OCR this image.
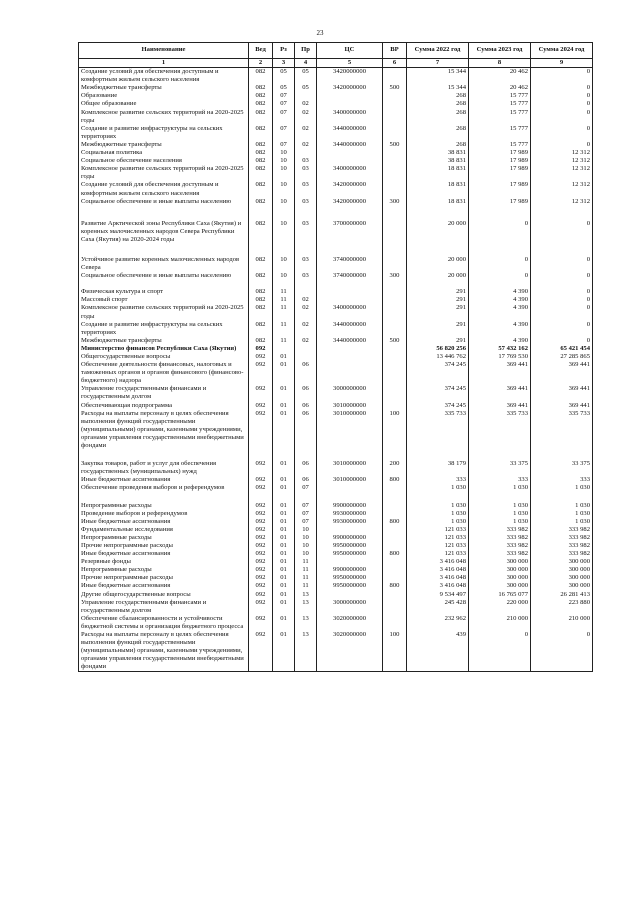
23
Наименование	Вед	Рз	Пр	ЦС	ВР	Сумма 2022 год	Сумма 2023 год	Сумма 2024 год
1	2	3	4	5	6	7	8	9
Создание условий для обеспечения доступным и комфортным жильем сельского населения	082	05	05	3420000000		15 344	20 462	0
Межбюджетные трансферты	082	05	05	3420000000	500	15 344	20 462	0
Образование	082	07				268	15 777	0
Общее образование	082	07	02			268	15 777	0
Комплексное развитие сельских территорий на 2020-2025 годы	082	07	02	3400000000		268	15 777	0
Создание и развитие инфраструктуры на сельских территориях	082	07	02	3440000000		268	15 777	0
Межбюджетные трансферты	082	07	02	3440000000	500	268	15 777	0
Социальная политика	082	10				38 831	17 989	12 312
Социальное обеспечение населения	082	10	03			38 831	17 989	12 312
Комплексное развитие сельских территорий на 2020-2025 годы	082	10	03	3400000000		18 831	17 989	12 312
Создание условий для обеспечения доступным и комфортным жильем сельского населения	082	10	03	3420000000		18 831	17 989	12 312
Социальное обеспечение и иные выплаты населению	082	10	03	3420000000	300	18 831	17 989	12 312
Развитие Арктической зоны Республики Саха (Якутия) и коренных малочисленных народов Севера Республики Саха (Якутия) на 2020-2024 годы	082	10	03	3700000000		20 000	0	0
Устойчивое развитие коренных малочисленных народов Севера	082	10	03	3740000000		20 000	0	0
Социальное обеспечение и иные выплаты населению	082	10	03	3740000000	300	20 000	0	0
Физическая культура и спорт	082	11				291	4 390	0
Массовый спорт	082	11	02			291	4 390	0
Комплексное развитие сельских территорий на 2020-2025 годы	082	11	02	3400000000		291	4 390	0
Создание и развитие инфраструктуры на сельских территориях	082	11	02	3440000000		291	4 390	0
Межбюджетные трансферты	082	11	02	3440000000	500	291	4 390	0
Министерство финансов Республики Саха (Якутия)	092					56 820 256	57 432 162	65 421 454
Общегосударственные вопросы	092	01				13 446 762	17 769 530	27 285 865
Обеспечение деятельности финансовых, налоговых и таможенных органов и органов финансового (финансово-бюджетного) надзора	092	01	06			374 245	369 441	369 441
Управление государственными финансами и государственным долгом	092	01	06	3000000000		374 245	369 441	369 441
Обеспечивающая подпрограмма	092	01	06	3010000000		374 245	369 441	369 441
Расходы на выплаты персоналу в целях обеспечения выполнения функций государственными (муниципальными) органами, казенными учреждениями, органами управления государственными внебюджетными фондами	092	01	06	3010000000	100	335 733	335 733	335 733
Закупка товаров, работ и услуг для обеспечения государственных (муниципальных) нужд	092	01	06	3010000000	200	38 179	33 375	33 375
Иные бюджетные ассигнования	092	01	06	3010000000	800	333	333	333
Обеспечение проведения выборов и референдумов	092	01	07			1 030	1 030	1 030
Непрограммные расходы	092	01	07	9900000000		1 030	1 030	1 030
Проведение выборов и референдумов	092	01	07	9930000000		1 030	1 030	1 030
Иные бюджетные ассигнования	092	01	07	9930000000	800	1 030	1 030	1 030
Фундаментальные исследования	092	01	10			121 033	333 982	333 982
Непрограммные расходы	092	01	10	9900000000		121 033	333 982	333 982
Прочие непрограммные расходы	092	01	10	9950000000		121 033	333 982	333 982
Иные бюджетные ассигнования	092	01	10	9950000000	800	121 033	333 982	333 982
Резервные фонды	092	01	11			3 416 048	300 000	300 000
Непрограммные расходы	092	01	11	9900000000		3 416 048	300 000	300 000
Прочие непрограммные расходы	092	01	11	9950000000		3 416 048	300 000	300 000
Иные бюджетные ассигнования	092	01	11	9950000000	800	3 416 048	300 000	300 000
Другие общегосударственные вопросы	092	01	13			9 534 497	16 765 077	26 281 413
Управление государственными финансами и государственным долгом	092	01	13	3000000000		245 428	220 000	223 880
Обеспечение сбалансированности и устойчивости бюджетной системы и организация бюджетного процесса	092	01	13	3020000000		232 962	210 000	210 000
Расходы на выплаты персоналу в целях обеспечения выполнения функций государственными (муниципальными) органами, казенными учреждениями, органами управления государственными внебюджетными фондами	092	01	13	3020000000	100	439	0	0
